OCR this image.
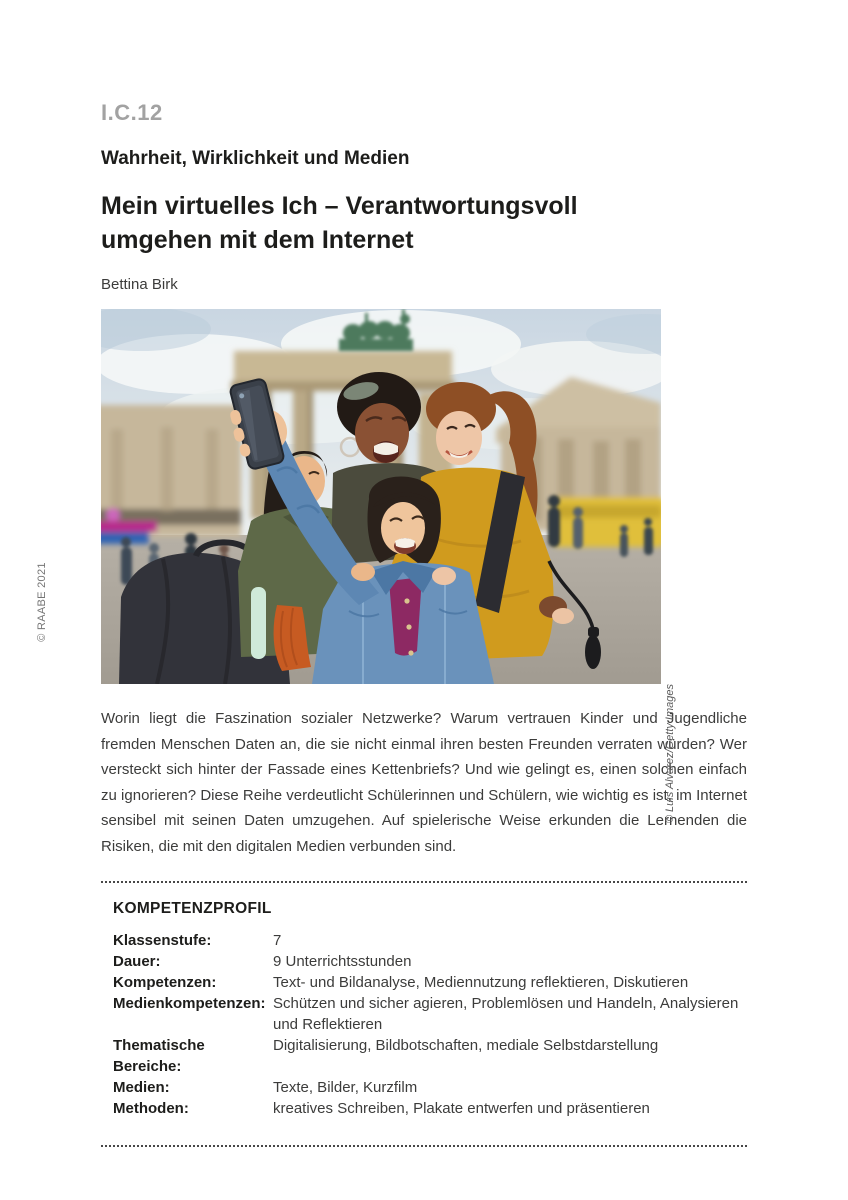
© RAABE 2021
I.C.12
Wahrheit, Wirklichkeit und Medien
Mein virtuelles Ich – Verantwortungsvoll
umgehen mit dem Internet
Bettina Birk
© Luis Alvarez/Getty Images

Worin liegt die Faszination sozialer Netzwerke? Warum vertrauen Kinder und Jugendliche fremden Menschen Daten an, die sie nicht einmal ihren besten Freunden verraten würden? Wer versteckt sich hinter der Fassade eines Kettenbriefs? Und wie gelingt es, einen solchen einfach zu ignorieren? Diese Reihe verdeutlicht Schülerinnen und Schülern, wie wichtig es ist, im Internet sensibel mit seinen Daten umzugehen. Auf spielerische Weise erkunden die Lernenden die Risiken, die mit den digitalen Medien verbunden sind.

KOMPETENZPROFIL
Klassenstufe:	7
Dauer:	9 Unterrichtsstunden
Kompetenzen:	Text- und Bildanalyse, Mediennutzung reflektieren, Diskutieren
Medienkompetenzen: Schützen und sicher agieren, Problemlösen und Handeln, Analysieren und Reflektieren
Thematische Bereiche:
Digitalisierung, Bildbotschaften, mediale Selbstdarstellung
Medien:	Texte, Bilder, Kurzfilm
Methoden:	kreatives Schreiben, Plakate entwerfen und präsentieren
